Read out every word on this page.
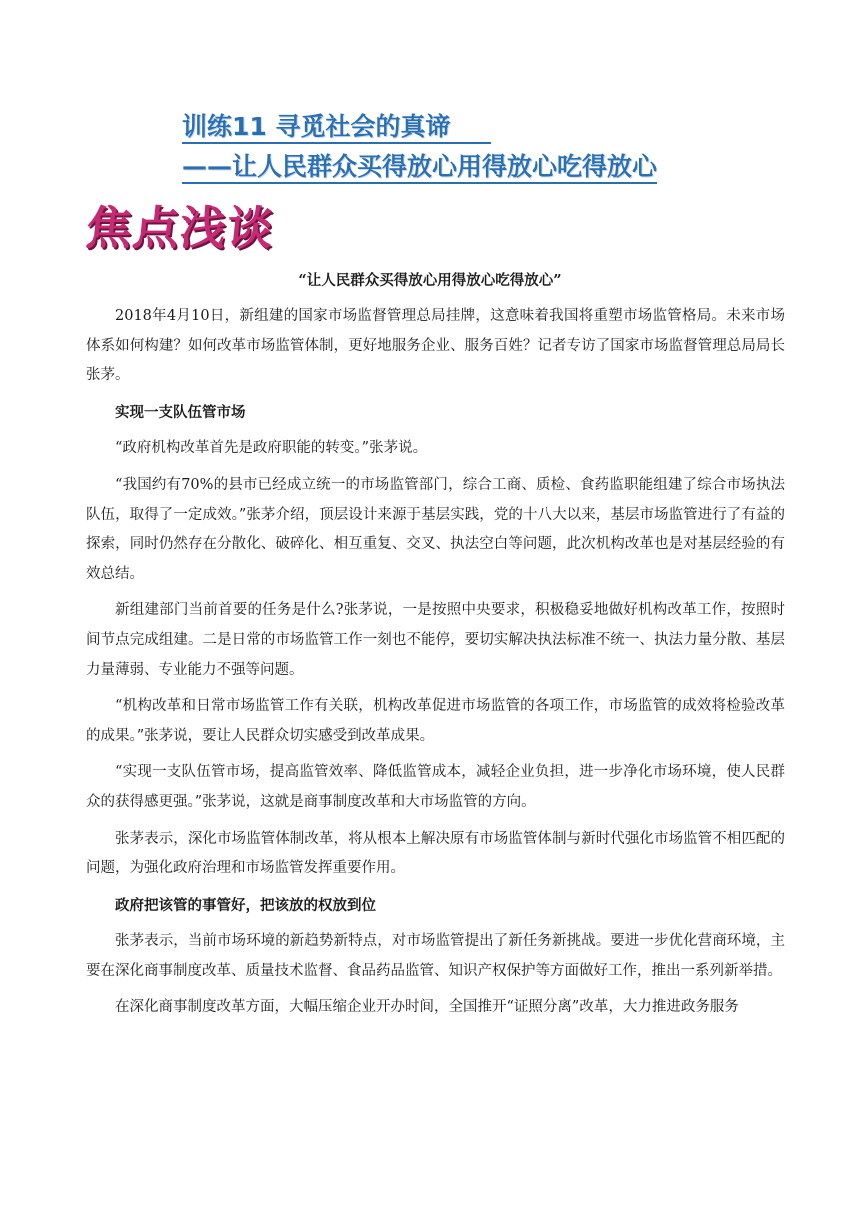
训练11 寻觅社会的真谛
——让人民群众买得放心用得放心吃得放心
焦点浅谈
“让人民群众买得放心用得放心吃得放心”

2018年4月10日，新组建的国家市场监督管理总局挂牌，这意味着我国将重塑市场监管格局。未来市场体系如何构建？如何改革市场监管体制，更好地服务企业、服务百姓？记者专访了国家市场监督管理总局局长张茅。

实现一支队伍管市场

“政府机构改革首先是政府职能的转变。”张茅说。

“我国约有70%的县市已经成立统一的市场监管部门，综合工商、质检、食药监职能组建了综合市场执法队伍，取得了一定成效。”张茅介绍，顶层设计来源于基层实践，党的十八大以来，基层市场监管进行了有益的探索，同时仍然存在分散化、破碎化、相互重复、交叉、执法空白等问题，此次机构改革也是对基层经验的有效总结。

新组建部门当前首要的任务是什么?张茅说，一是按照中央要求，积极稳妥地做好机构改革工作，按照时间节点完成组建。二是日常的市场监管工作一刻也不能停，要切实解决执法标准不统一、执法力量分散、基层力量薄弱、专业能力不强等问题。

“机构改革和日常市场监管工作有关联，机构改革促进市场监管的各项工作，市场监管的成效将检验改革的成果。”张茅说，要让人民群众切实感受到改革成果。

“实现一支队伍管市场，提高监管效率、降低监管成本，减轻企业负担，进一步净化市场环境，使人民群众的获得感更强。”张茅说，这就是商事制度改革和大市场监管的方向。

张茅表示，深化市场监管体制改革，将从根本上解决原有市场监管体制与新时代强化市场监管不相匹配的问题，为强化政府治理和市场监管发挥重要作用。

政府把该管的事管好，把该放的权放到位

张茅表示，当前市场环境的新趋势新特点，对市场监管提出了新任务新挑战。要进一步优化营商环境，主要在深化商事制度改革、质量技术监督、食品药品监管、知识产权保护等方面做好工作，推出一系列新举措。

在深化商事制度改革方面，大幅压缩企业开办时间，全国推开“证照分离”改革，大力推进政务服务
